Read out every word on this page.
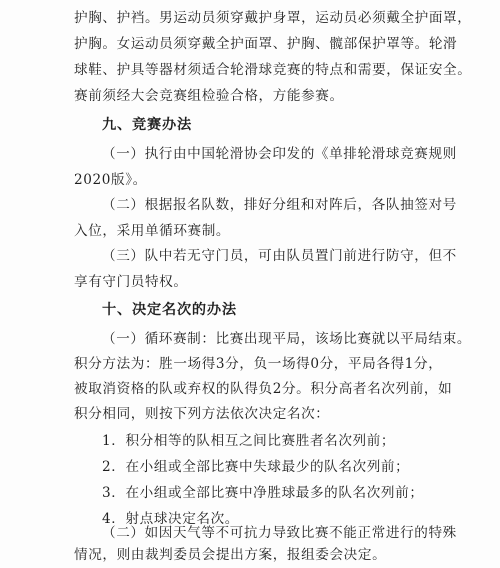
护胸、护裆。男运动员须穿戴护身罩，运动员必须戴全护面罩，
护胸。女运动员须穿戴全护面罩、护胸、髋部保护罩等。轮滑
球鞋、护具等器材须适合轮滑球竞赛的特点和需要，保证安全。
赛前须经大会竞赛组检验合格，方能参赛。
九、竞赛办法
（一）执行由中国轮滑协会印发的《单排轮滑球竞赛规则
2020版》。
（二）根据报名队数，排好分组和对阵后，各队抽签对号
入位，采用单循环赛制。
（三）队中若无守门员，可由队员置门前进行防守，但不
享有守门员特权。
十、决定名次的办法
（一）循环赛制：比赛出现平局，该场比赛就以平局结束。
积分方法为：胜一场得3分，负一场得0分，平局各得1分，
被取消资格的队或弃权的队得负2分。积分高者名次列前，如
积分相同，则按下列方法依次决定名次：
1．积分相等的队相互之间比赛胜者名次列前；
2．在小组或全部比赛中失球最少的队名次列前；
3．在小组或全部比赛中净胜球最多的队名次列前；
4．射点球决定名次。
（二）如因天气等不可抗力导致比赛不能正常进行的特殊
情况，则由裁判委员会提出方案，报组委会决定。
